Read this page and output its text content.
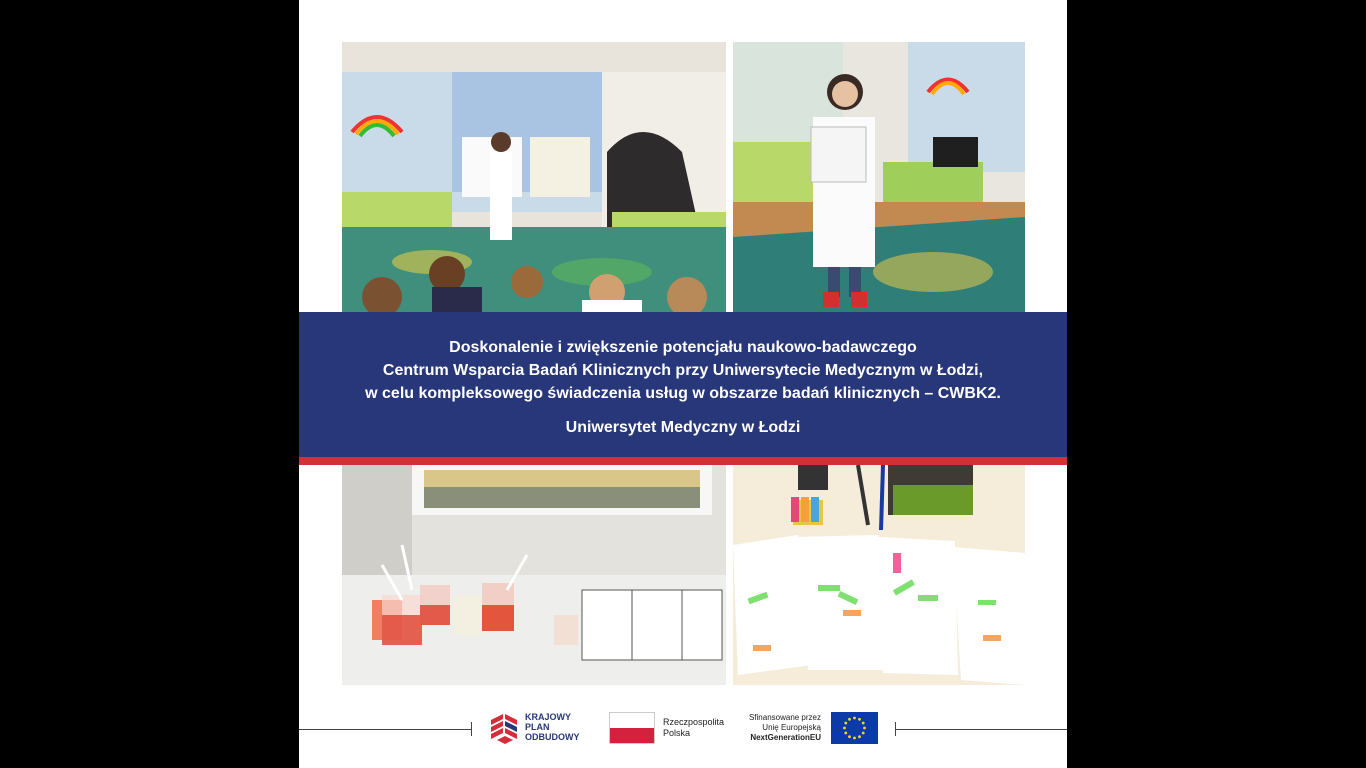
Doskonalenie i zwiększenie potencjału naukowo-badawczego
Centrum Wsparcia Badań Klinicznych przy Uniwersytecie Medycznym w Łodzi,
w celu kompleksowego świadczenia usług w obszarze badań klinicznych – CWBK2.
Uniwersytet Medyczny w Łodzi
KRAJOWY
PLAN
ODBUDOWY
Rzeczpospolita
Polska
Sfinansowane przez
Unię Europejską
NextGenerationEU
